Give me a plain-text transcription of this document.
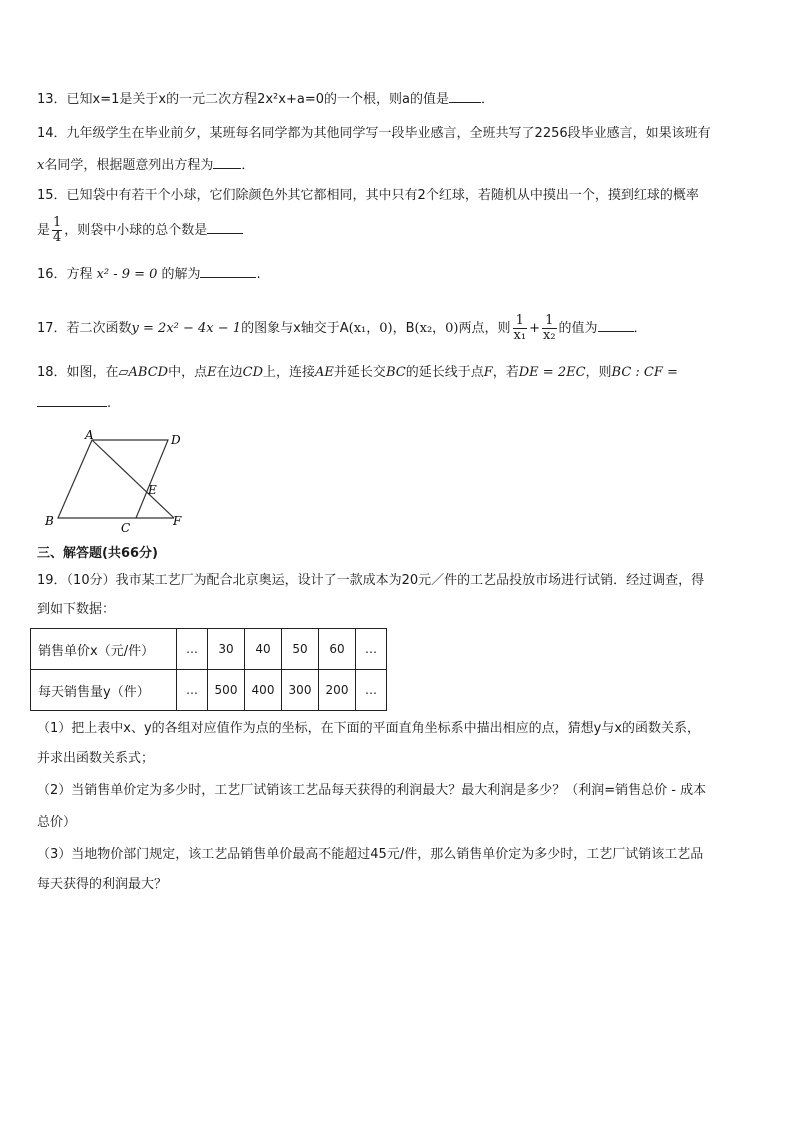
13．已知x=1是关于x的一元二次方程2x²x+a=0的一个根，则a的值是 ．
14．九年级学生在毕业前夕，某班每名同学都为其他同学写一段毕业感言，全班共写了2256段毕业感言，如果该班有
x名同学，根据题意列出方程为 ．
15．已知袋中有若干个小球，它们除颜色外其它都相同，其中只有2个红球，若随机从中摸出一个，摸到红球的概率
是 $\frac{1}{4}$ ，则袋中小球的总个数是
16．方程 x² - 9 = 0 的解为	.
17．若二次函数y = 2x² − 4x − 1的图象与x轴交于A(x₁，0)，B(x₂，0)两点，则 $\frac{1}{\text{x₁}} + \frac{1}{\text{x₂}}$ 的值为	．
18．如图，在▱ABCD中，点E在边CD上，连接AE并延长交BC的延长线于点F，若DE = 2EC，则BC : CF =
.
A	D
E
B	C	F
三、解答题(共66分)
19．（10分）我市某工艺厂为配合北京奥运，设计了一款成本为20元／件的工艺品投放市场进行试销．经过调查，得
到如下数据：
销售单价x（元/件）	…	30	40	50	60	…
每天销售量y（件）	…	500	400	300	200	…
（1）把上表中x、y的各组对应值作为点的坐标，在下面的平面直角坐标系中描出相应的点，猜想y与x的函数关系，
并求出函数关系式；
（2）当销售单价定为多少时，工艺厂试销该工艺品每天获得的利润最大？最大利润是多少？（利润=销售总价 - 成本
总价）
（3）当地物价部门规定，该工艺品销售单价最高不能超过45元/件，那么销售单价定为多少时，工艺厂试销该工艺品
每天获得的利润最大？
